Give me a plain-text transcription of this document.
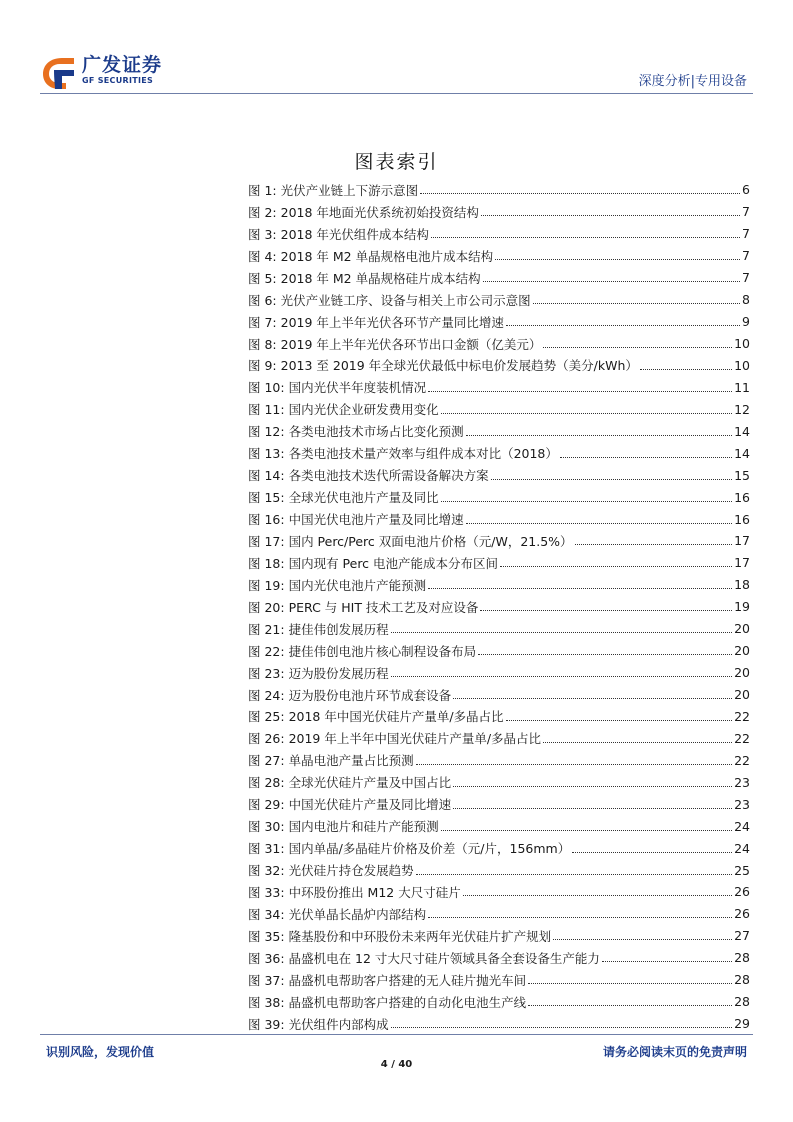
广发证券
GF SECURITIES	深度分析|专用设备
图表索引
图 1: 光伏产业链上下游示意图	6
图 2: 2018 年地面光伏系统初始投资结构	7
图 3: 2018 年光伏组件成本结构	7
图 4: 2018 年 M2 单晶规格电池片成本结构	7
图 5: 2018 年 M2 单晶规格硅片成本结构	7
图 6: 光伏产业链工序、设备与相关上市公司示意图	8
图 7: 2019 年上半年光伏各环节产量同比增速	9
图 8: 2019 年上半年光伏各环节出口金额（亿美元）	10
图 9: 2013 至 2019 年全球光伏最低中标电价发展趋势（美分/kWh）	10
图 10: 国内光伏半年度装机情况	11
图 11: 国内光伏企业研发费用变化	12
图 12: 各类电池技术市场占比变化预测	14
图 13: 各类电池技术量产效率与组件成本对比（2018）	14
图 14: 各类电池技术迭代所需设备解决方案	15
图 15: 全球光伏电池片产量及同比	16
图 16: 中国光伏电池片产量及同比增速	16
图 17: 国内 Perc/Perc 双面电池片价格（元/W，21.5%）	17
图 18: 国内现有 Perc 电池产能成本分布区间	17
图 19: 国内光伏电池片产能预测	18
图 20: PERC 与 HIT 技术工艺及对应设备	19
图 21: 捷佳伟创发展历程	20
图 22: 捷佳伟创电池片核心制程设备布局	20
图 23: 迈为股份发展历程	20
图 24: 迈为股份电池片环节成套设备	20
图 25: 2018 年中国光伏硅片产量单/多晶占比	22
图 26: 2019 年上半年中国光伏硅片产量单/多晶占比	22
图 27: 单晶电池产量占比预测	22
图 28: 全球光伏硅片产量及中国占比	23
图 29: 中国光伏硅片产量及同比增速	23
图 30: 国内电池片和硅片产能预测	24
图 31: 国内单晶/多晶硅片价格及价差（元/片，156mm）	24
图 32: 光伏硅片持仓发展趋势	25
图 33: 中环股份推出 M12 大尺寸硅片	26
图 34: 光伏单晶长晶炉内部结构	26
图 35: 隆基股份和中环股份未来两年光伏硅片扩产规划	27
图 36: 晶盛机电在 12 寸大尺寸硅片领域具备全套设备生产能力	28
图 37: 晶盛机电帮助客户搭建的无人硅片抛光车间	28
图 38: 晶盛机电帮助客户搭建的自动化电池生产线	28
图 39: 光伏组件内部构成	29
识别风险，发现价值	请务必阅读末页的免责声明
4 / 40
